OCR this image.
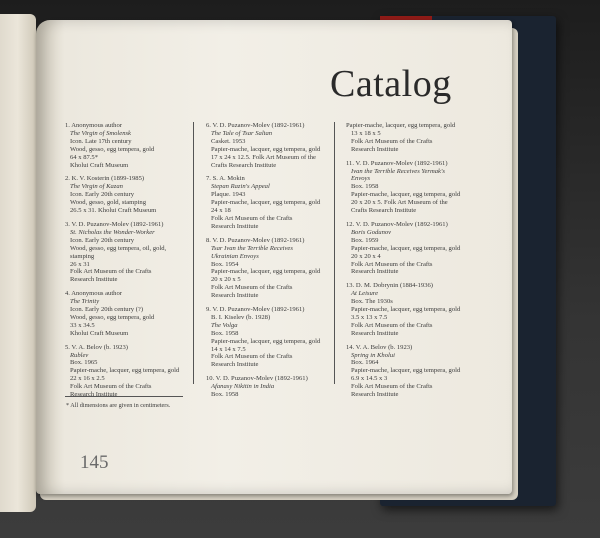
Catalog
1. Anonymous author
The Virgin of Smolensk
Icon. Late 17th century
Wood, gesso, egg tempera, gold
64 x 87.5*
Kholui Craft Museum
2. K. V. Kosterin (1899-1985)
The Virgin of Kazan
Icon. Early 20th century
Wood, gesso, gold, stamping
26.5 x 31. Kholui Craft Museum
3. V. D. Puzanov-Molev (1892-1961)
St. Nicholas the Wonder-Worker
Icon. Early 20th century
Wood, gesso, egg tempera, oil, gold,
stamping
26 x 31
Folk Art Museum of the Crafts
Research Institute
4. Anonymous author
The Trinity
Icon. Early 20th century (?)
Wood, gesso, egg tempera, gold
33 x 34.5
Kholui Craft Museum
5. V. A. Belov (b. 1923)
Rublev
Box. 1965
Papier-mache, lacquer, egg tempera, gold
22 x 16 x 2.5
Folk Art Museum of the Crafts
Research Institute
6. V. D. Puzanov-Molev (1892-1961)
The Tale of Tsar Saltan
Casket. 1953
Papier-mache, lacquer, egg tempera, gold
17 x 24 x 12.5. Folk Art Museum of the
Crafts Research Institute
7. S. A. Mokin
Stepan Razin's Appeal
Plaque. 1943
Papier-mache, lacquer, egg tempera, gold
24 x 18
Folk Art Museum of the Crafts
Research Institute
8. V. D. Puzanov-Molev (1892-1961)
Tsar Ivan the Terrible Receives
Ukrainian Envoys
Box. 1954
Papier-mache, lacquer, egg tempera, gold
20 x 20 x 5
Folk Art Museum of the Crafts
Research Institute
9. V. D. Puzanov-Molev (1892-1961)
B. I. Kiselev (b. 1928)
The Volga
Box. 1958
Papier-mache, lacquer, egg tempera, gold
14 x 14 x 7.5
Folk Art Museum of the Crafts
Research Institute
10. V. D. Puzanov-Molev (1892-1961)
Afanasy Nikitin in India
Box. 1958
Papier-mache, lacquer, egg tempera, gold
13 x 18 x 5
Folk Art Museum of the Crafts
Research Institute
11. V. D. Puzanov-Molev (1892-1961)
Ivan the Terrible Receives Yermak's
Envoys
Box. 1958
Papier-mache, lacquer, egg tempera, gold
20 x 20 x 5. Folk Art Museum of the
Crafts Research Institute
12. V. D. Puzanov-Molev (1892-1961)
Boris Godunov
Box. 1959
Papier-mache, lacquer, egg tempera, gold
20 x 20 x 4
Folk Art Museum of the Crafts
Research Institute
13. D. M. Dobrynin (1884-1936)
At Leisure
Box. The 1930s
Papier-mache, lacquer, egg tempera, gold
3.5 x 13 x 7.5
Folk Art Museum of the Crafts
Research Institute
14. V. A. Belov (b. 1923)
Spring in Kholui
Box. 1964
Papier-mache, lacquer, egg tempera, gold
6.9 x 14.5 x 3
Folk Art Museum of the Crafts
Research Institute
* All dimensions are given in centimeters.
145
